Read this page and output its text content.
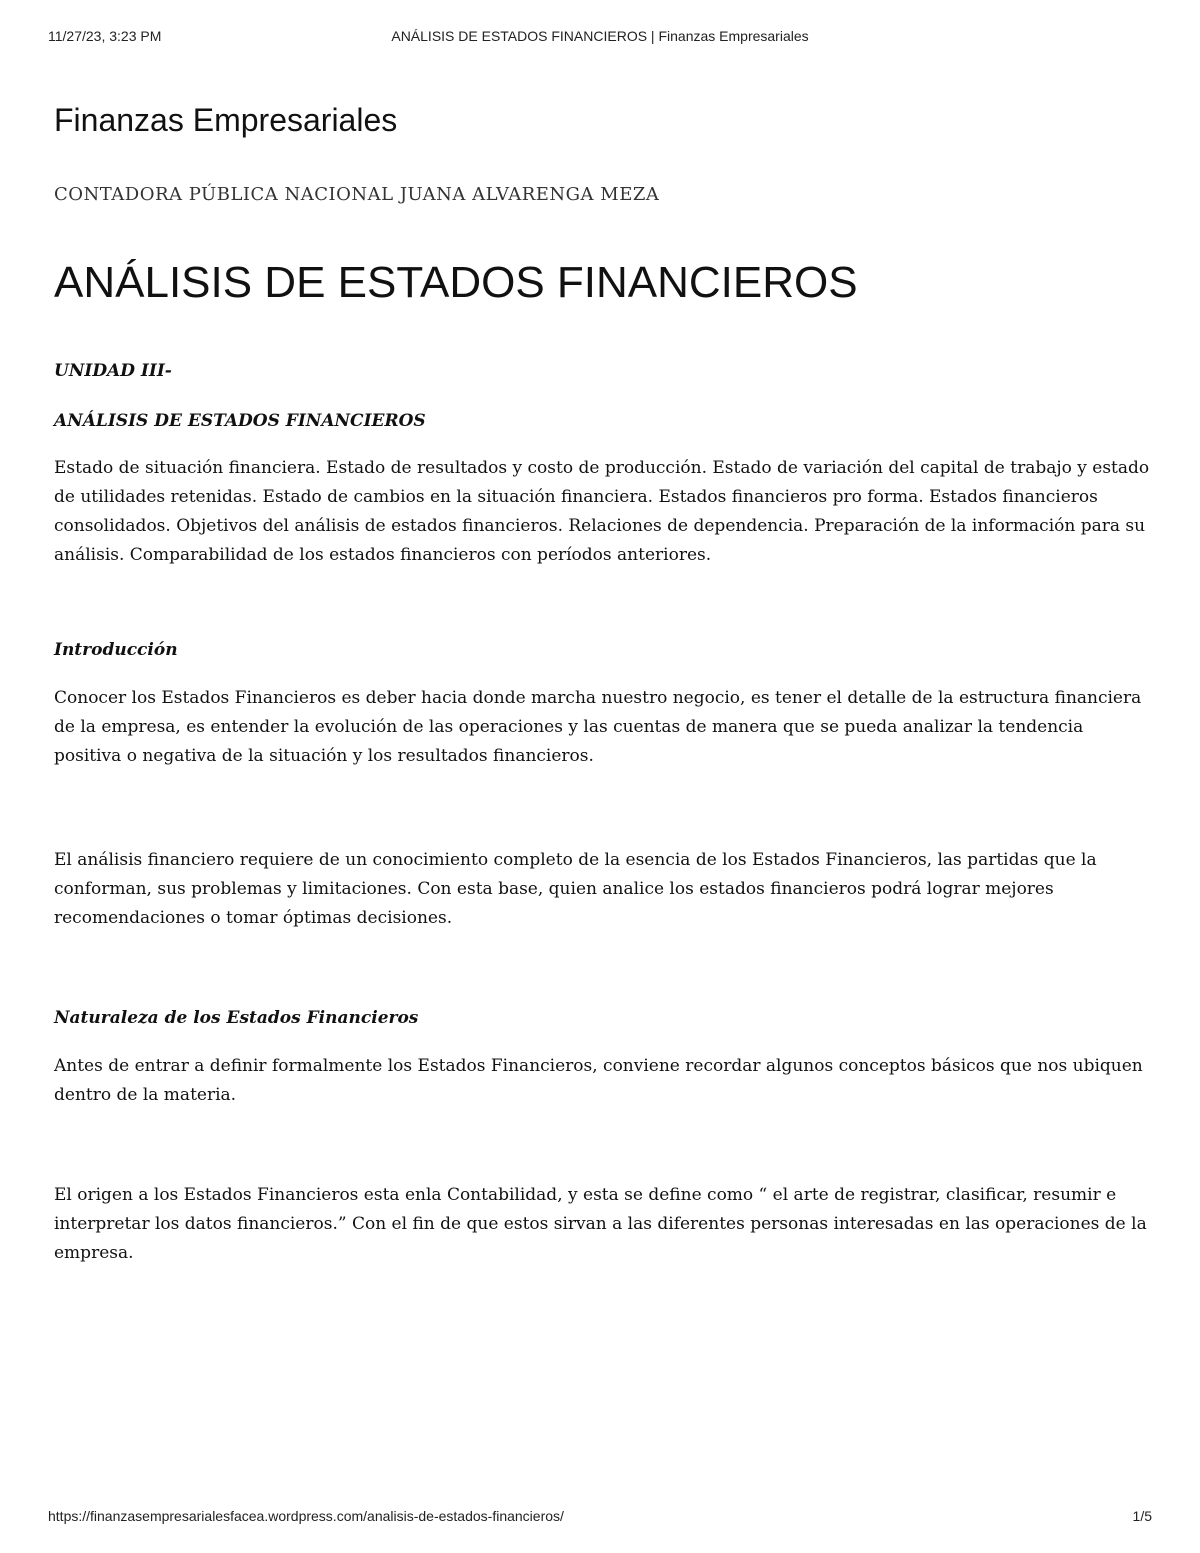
11/27/23, 3:23 PM	ANÁLISIS DE ESTADOS FINANCIEROS | Finanzas Empresariales
Finanzas Empresariales

CONTADORA PÚBLICA NACIONAL JUANA ALVARENGA MEZA

ANÁLISIS DE ESTADOS FINANCIEROS

UNIDAD III-

ANÁLISIS DE ESTADOS FINANCIEROS

Estado de situación financiera. Estado de resultados y costo de producción. Estado de variación del capital de trabajo y estado de utilidades retenidas. Estado de cambios en la situación financiera. Estados financieros pro forma. Estados financieros consolidados. Objetivos del análisis de estados financieros. Relaciones de dependencia. Preparación de la información para su análisis. Comparabilidad de los estados financieros con períodos anteriores.

Introducción

Conocer los Estados Financieros es deber hacia donde marcha nuestro negocio, es tener el detalle de la estructura financiera de la empresa, es entender la evolución de las operaciones y las cuentas de manera que se pueda analizar la tendencia positiva o negativa de la situación y los resultados financieros.

El análisis financiero requiere de un conocimiento completo de la esencia de los Estados Financieros, las partidas que la conforman, sus problemas y limitaciones. Con esta base, quien analice los estados financieros podrá lograr mejores recomendaciones o tomar óptimas decisiones.

Naturaleza de los Estados Financieros

Antes de entrar a definir formalmente los Estados Financieros, conviene recordar algunos conceptos básicos que nos ubiquen dentro de la materia.

El origen a los Estados Financieros esta enla Contabilidad, y esta se define como “ el arte de registrar, clasificar, resumir e interpretar los datos financieros.” Con el fin de que estos sirvan a las diferentes personas interesadas en las operaciones de la empresa.

https://finanzasempresarialesfacea.wordpress.com/analisis-de-estados-financieros/	1/5
